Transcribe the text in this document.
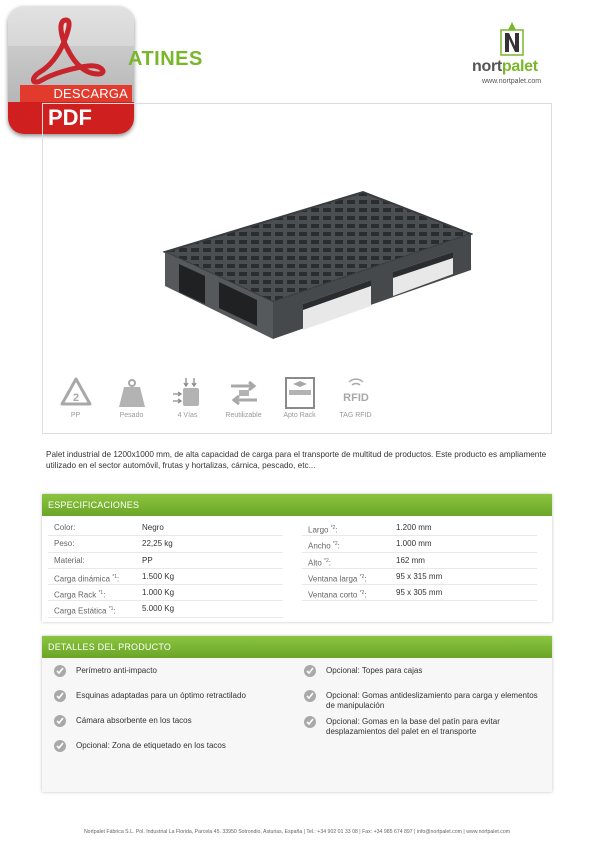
DESCARGA
PDF
ATINES	nortpalet
www.nortpalet.com
2
PP	Pesado	4 Vías	Reutilizable	Apto Rack
RFID
TAG RFID
Palet industrial de 1200x1000 mm, de alta capacidad de carga para el transporte de multitud de productos. Este producto es ampliamente utilizado en el sector automóvil, frutas y hortalizas, cárnica, pescado, etc...
ESPECIFICACIONES
Color:	Negro
Peso:	22,25 kg
Material:	PP
Carga dinámica $^{*1}$:	1.500 Kg
Carga Rack $^{*1}$:	1.000 Kg
Carga Estática $^{*1}$:	5.000 Kg
Largo $^{*2}$:	1.200 mm
Ancho $^{*2}$:	1.000 mm
Alto $^{*2}$:	162 mm
Ventana larga $^{*2}$:	95 x 315 mm
Ventana corto $^{*2}$:	95 x 305 mm
DETALLES DEL PRODUCTO
Perímetro anti-impacto
Esquinas adaptadas para un óptimo retractilado
Cámara absorbente en los tacos
Opcional: Zona de etiquetado en los tacos
Opcional: Topes para cajas
Opcional: Gomas antideslizamiento para carga y elementos de manipulación
Opcional: Gomas en la base del patín para evitar desplazamientos del palet en el transporte
Nortpalet Fábrica S.L. Pol. Industrial La Florida, Parcela 45. 33950 Sotrondio, Asturias, España | Tel.: +34 902 01 33 08 | Fax: +34 985 674 897 | info@nortpalet.com | www.nortpalet.com
